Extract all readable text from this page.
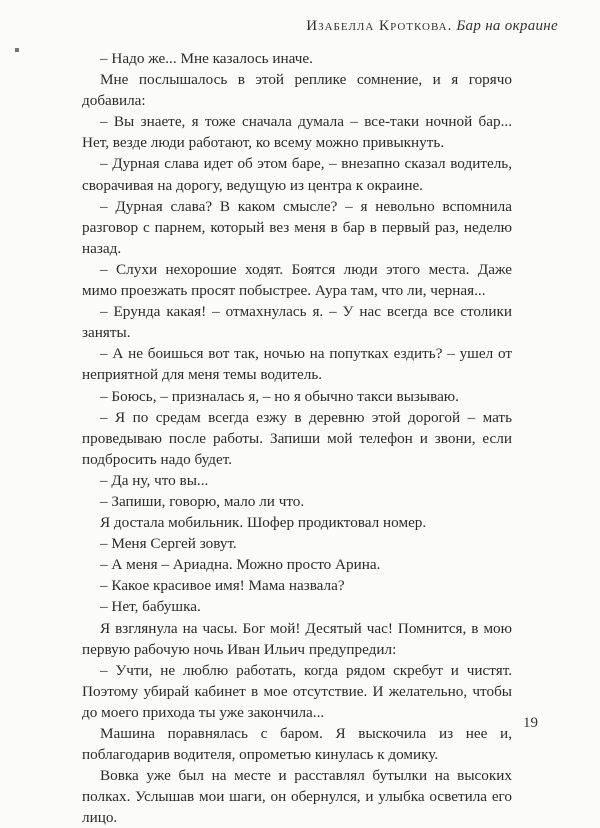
Изабелла Кроткова. Бар на окраине

– Надо же... Мне казалось иначе.

Мне послышалось в этой реплике сомнение, и я горячо добавила:

– Вы знаете, я тоже сначала думала – все-таки ночной бар... Нет, везде люди работают, ко всему можно привыкнуть.

– Дурная слава идет об этом баре, – внезапно сказал водитель, сворачивая на дорогу, ведущую из центра к окраине.

– Дурная слава? В каком смысле? – я невольно вспомнила разговор с парнем, который вез меня в бар в первый раз, неделю назад.

– Слухи нехорошие ходят. Боятся люди этого места. Даже мимо проезжать просят побыстрее. Аура там, что ли, черная...

– Ерунда какая! – отмахнулась я. – У нас всегда все столики заняты.

– А не боишься вот так, ночью на попутках ездить? – ушел от неприятной для меня темы водитель.

– Боюсь, – призналась я, – но я обычно такси вызываю.

– Я по средам всегда езжу в деревню этой дорогой – мать проведываю после работы. Запиши мой телефон и звони, если подбросить надо будет.

– Да ну, что вы...

– Запиши, говорю, мало ли что.

Я достала мобильник. Шофер продиктовал номер.

– Меня Сергей зовут.

– А меня – Ариадна. Можно просто Арина.

– Какое красивое имя! Мама назвала?

– Нет, бабушка.

Я взглянула на часы. Бог мой! Десятый час! Помнится, в мою первую рабочую ночь Иван Ильич предупредил:

– Учти, не люблю работать, когда рядом скребут и чистят. Поэтому убирай кабинет в мое отсутствие. И желательно, чтобы до моего прихода ты уже закончила...

Машина поравнялась с баром. Я выскочила из нее и, поблагодарив водителя, опрометью кинулась к домику.

Вовка уже был на месте и расставлял бутылки на высоких полках. Услышав мои шаги, он обернулся, и улыбка осветила его лицо.

19
